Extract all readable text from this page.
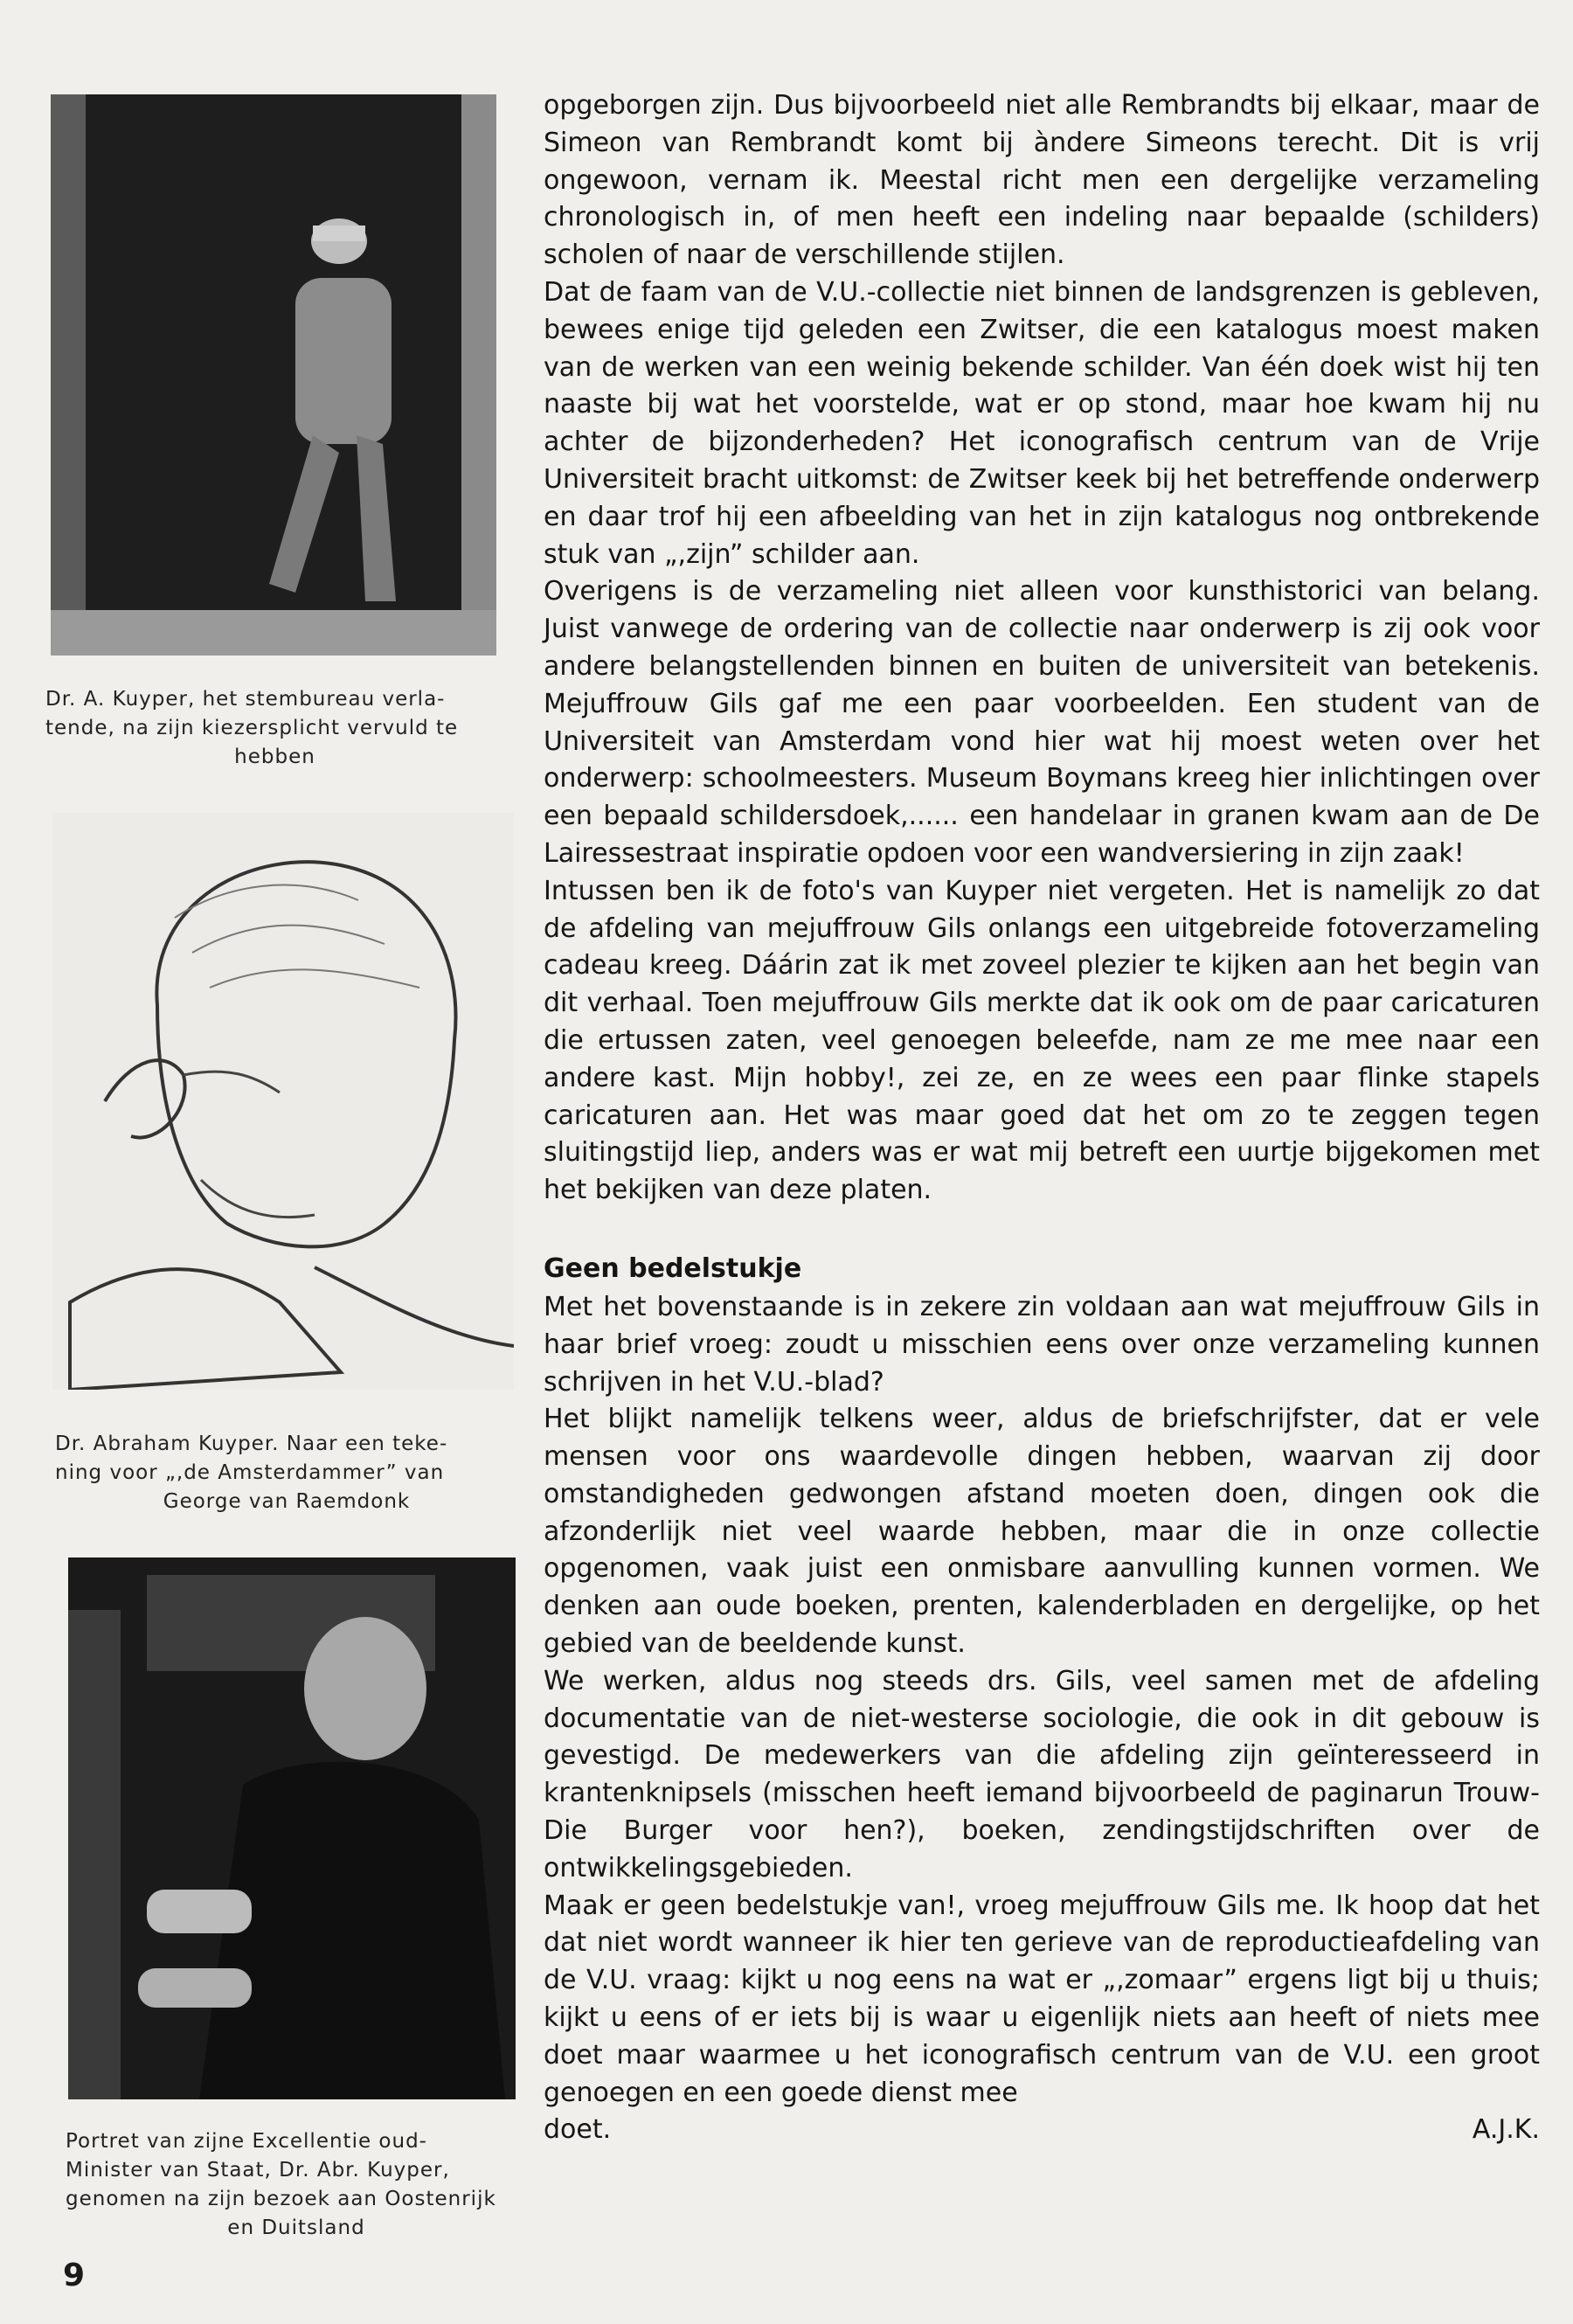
Dr. A. Kuyper, het stembureau verla-
tende, na zijn kiezersplicht vervuld te
hebben
Dr. Abraham Kuyper. Naar een teke-
ning voor „,de Amsterdammer” van
George van Raemdonk
Portret van zijne Excellentie oud-
Minister van Staat, Dr. Abr. Kuyper,
genomen na zijn bezoek aan Oostenrijk
en Duitsland

opgeborgen zijn. Dus bijvoorbeeld niet alle Rembrandts bij elkaar, maar de Simeon van Rembrandt komt bij àndere Simeons terecht. Dit is vrij ongewoon, vernam ik. Meestal richt men een dergelijke verzameling chronologisch in, of men heeft een indeling naar bepaalde (schilders) scholen of naar de verschillende stijlen.

Dat de faam van de V.U.-collectie niet binnen de landsgrenzen is gebleven, bewees enige tijd geleden een Zwitser, die een katalogus moest maken van de werken van een weinig bekende schilder. Van één doek wist hij ten naaste bij wat het voorstelde, wat er op stond, maar hoe kwam hij nu achter de bijzonderheden? Het iconografisch centrum van de Vrije Universiteit bracht uitkomst: de Zwitser keek bij het betreffende onderwerp en daar trof hij een afbeelding van het in zijn katalogus nog ontbrekende stuk van „,zijn” schilder aan.

Overigens is de verzameling niet alleen voor kunsthistorici van belang. Juist vanwege de ordering van de collectie naar onderwerp is zij ook voor andere belangstellenden binnen en buiten de universiteit van betekenis. Mejuffrouw Gils gaf me een paar voorbeelden. Een student van de Universiteit van Amsterdam vond hier wat hij moest weten over het onderwerp: schoolmeesters. Museum Boymans kreeg hier inlichtingen over een bepaald schildersdoek,...... een handelaar in granen kwam aan de De Lairessestraat inspiratie opdoen voor een wandversiering in zijn zaak!

Intussen ben ik de foto's van Kuyper niet vergeten. Het is namelijk zo dat de afdeling van mejuffrouw Gils onlangs een uitgebreide fotoverzameling cadeau kreeg. Dáárin zat ik met zoveel plezier te kijken aan het begin van dit verhaal. Toen mejuffrouw Gils merkte dat ik ook om de paar caricaturen die ertussen zaten, veel genoegen beleefde, nam ze me mee naar een andere kast. Mijn hobby!, zei ze, en ze wees een paar flinke stapels caricaturen aan. Het was maar goed dat het om zo te zeggen tegen sluitingstijd liep, anders was er wat mij betreft een uurtje bijgekomen met het bekijken van deze platen.

Geen bedelstukje

Met het bovenstaande is in zekere zin voldaan aan wat mejuffrouw Gils in haar brief vroeg: zoudt u misschien eens over onze verzameling kunnen schrijven in het V.U.-blad?

Het blijkt namelijk telkens weer, aldus de briefschrijfster, dat er vele mensen voor ons waardevolle dingen hebben, waarvan zij door omstandigheden gedwongen afstand moeten doen, dingen ook die afzonderlijk niet veel waarde hebben, maar die in onze collectie opgenomen, vaak juist een onmisbare aanvulling kunnen vormen. We denken aan oude boeken, prenten, kalenderbladen en dergelijke, op het gebied van de beeldende kunst.

We werken, aldus nog steeds drs. Gils, veel samen met de afdeling documentatie van de niet-westerse sociologie, die ook in dit gebouw is gevestigd. De medewerkers van die afdeling zijn geïnteresseerd in krantenknipsels (misschen heeft iemand bijvoorbeeld de paginarun Trouw-Die Burger voor hen?), boeken, zendingstijdschriften over de ontwikkelingsgebieden.

Maak er geen bedelstukje van!, vroeg mejuffrouw Gils me. Ik hoop dat het dat niet wordt wanneer ik hier ten gerieve van de reproductieafdeling van de V.U. vraag: kijkt u nog eens na wat er „,zomaar” ergens ligt bij u thuis; kijkt u eens of er iets bij is waar u eigenlijk niets aan heeft of niets mee doet maar waarmee u het iconografisch centrum van de V.U. een groot genoegen en een goede dienst mee

doet.	A.J.K.
9
